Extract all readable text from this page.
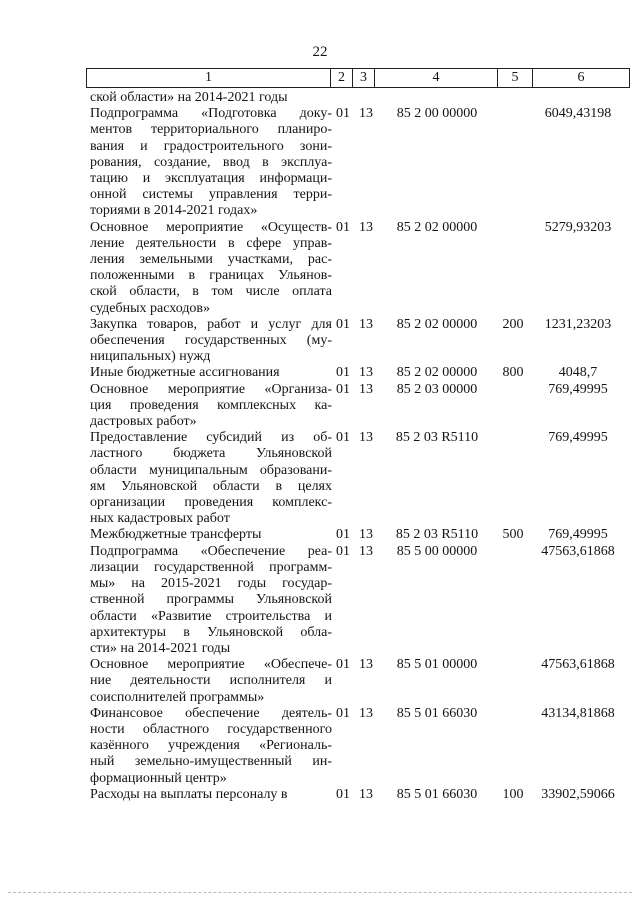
22
1	2	3	4	5	6
ской области» на 2014-2021 годы
Подпрограмма «Подготовка доку-
ментов территориального планиро-
вания и градостроительного зони-
рования, создание, ввод в эксплуа-
тацию и эксплуатация информаци-
онной системы управления терри-
ториями в 2014-2021 годах»
01 13	85 2 00 00000	6049,43198
Основное мероприятие «Осуществ-
ление деятельности в сфере управ-
ления земельными участками, рас-
положенными в границах Ульянов-
ской области, в том числе оплата
судебных расходов»
01 13	85 2 02 00000	5279,93203
Закупка товаров, работ и услуг для
обеспечения государственных (му-
ниципальных) нужд
01 13	85 2 02 00000	200	1231,23203
Иные бюджетные ассигнования	01 13	85 2 02 00000	800	4048,7
Основное мероприятие «Организа-
ция проведения комплексных ка-
дастровых работ»
01 13	85 2 03 00000	769,49995
Предоставление субсидий из об-
ластного бюджета Ульяновской
области муниципальным образовани-
ям Ульяновской области в целях
организации проведения комплекс-
ных кадастровых работ
01 13	85 2 03 R5110	769,49995
Межбюджетные трансферты	01 13	85 2 03 R5110	500	769,49995
Подпрограмма «Обеспечение реа-
лизации государственной программ-
мы» на 2015-2021 годы государ-
ственной программы Ульяновской
области «Развитие строительства и
архитектуры в Ульяновской обла-
сти» на 2014-2021 годы
01 13	85 5 00 00000	47563,61868
Основное мероприятие «Обеспече-
ние деятельности исполнителя и
соисполнителей программы»
01 13	85 5 01 00000	47563,61868
Финансовое обеспечение деятель-
ности областного государственного
казённого учреждения «Региональ-
ный земельно-имущественный ин-
формационный центр»
01 13	85 5 01 66030	43134,81868
Расходы на выплаты персоналу в	01 13	85 5 01 66030	100	33902,59066
